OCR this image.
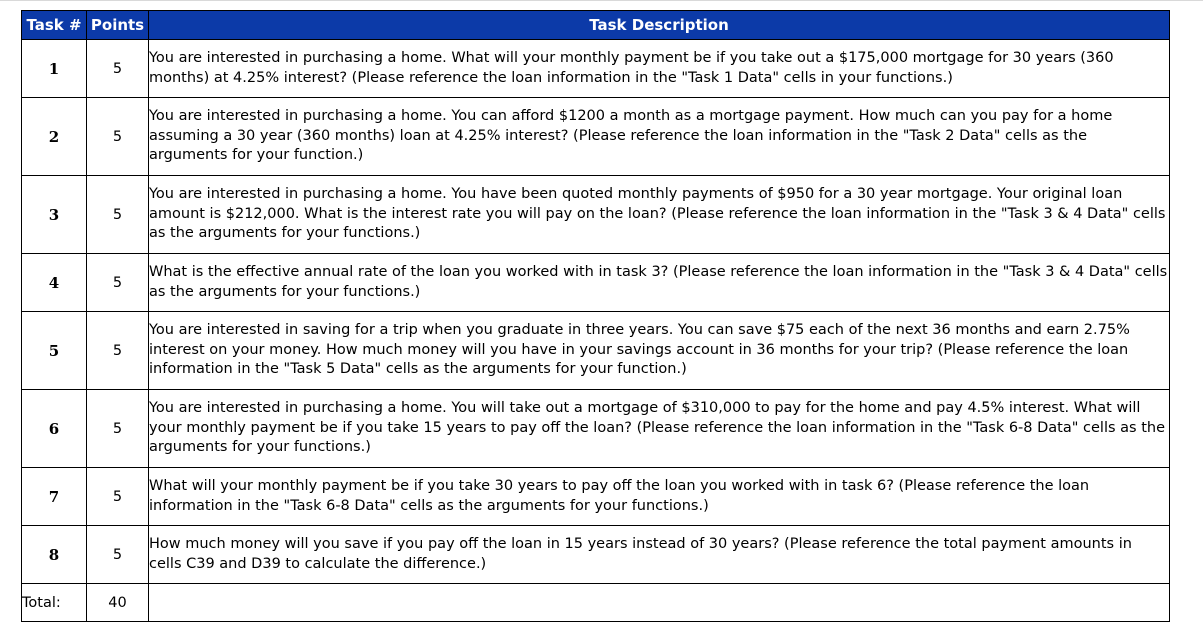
Task #	Points	Task Description
1	5	You are interested in purchasing a home. What will your monthly payment be if you take out a $175,000 mortgage for 30 years (360 months) at 4.25% interest? (Please reference the loan information in the "Task 1 Data" cells in your functions.)
2	5	You are interested in purchasing a home. You can afford $1200 a month as a mortgage payment. How much can you pay for a home assuming a 30 year (360 months) loan at 4.25% interest? (Please reference the loan information in the "Task 2 Data" cells as the arguments for your function.)
3	5	You are interested in purchasing a home. You have been quoted monthly payments of $950 for a 30 year mortgage. Your original loan amount is $212,000. What is the interest rate you will pay on the loan? (Please reference the loan information in the "Task 3 & 4 Data" cells as the arguments for your functions.)
4	5	What is the effective annual rate of the loan you worked with in task 3? (Please reference the loan information in the "Task 3 & 4 Data" cells as the arguments for your functions.)
5	5	You are interested in saving for a trip when you graduate in three years. You can save $75 each of the next 36 months and earn 2.75% interest on your money. How much money will you have in your savings account in 36 months for your trip? (Please reference the loan information in the "Task 5 Data" cells as the arguments for your function.)
6	5	You are interested in purchasing a home. You will take out a mortgage of $310,000 to pay for the home and pay 4.5% interest. What will your monthly payment be if you take 15 years to pay off the loan? (Please reference the loan information in the "Task 6-8 Data" cells as the arguments for your functions.)
7	5	What will your monthly payment be if you take 30 years to pay off the loan you worked with in task 6? (Please reference the loan information in the "Task 6-8 Data" cells as the arguments for your functions.)
8	5	How much money will you save if you pay off the loan in 15 years instead of 30 years? (Please reference the total payment amounts in cells C39 and D39 to calculate the difference.)
Total:	40	
